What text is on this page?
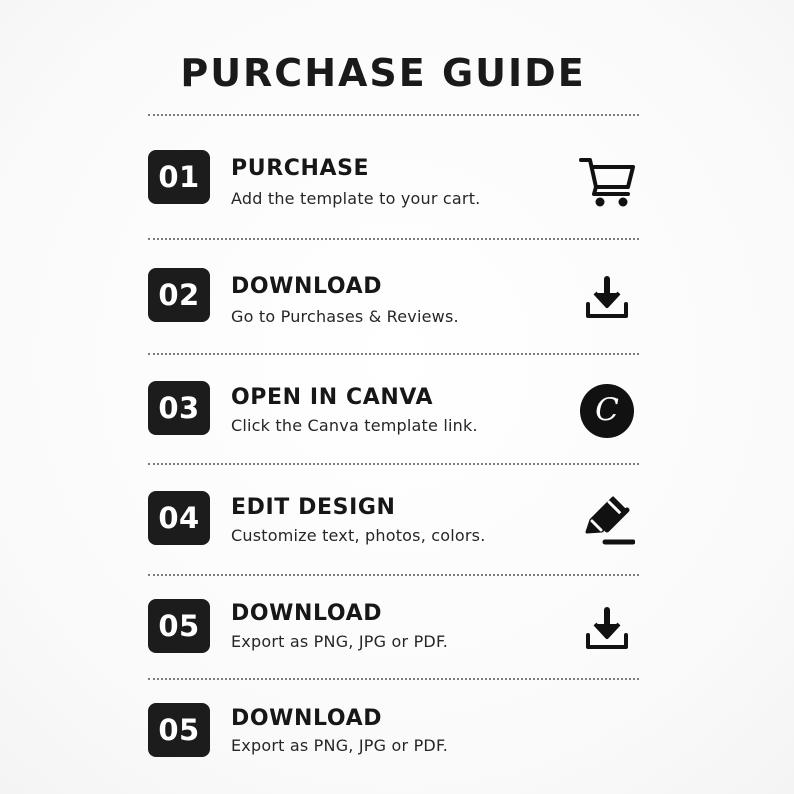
PURCHASE GUIDE
01	PURCHASE
Add the template to your cart.
02	DOWNLOAD
Go to Purchases & Reviews.
03	OPEN IN CANVA
Click the Canva template link.	C
04	EDIT DESIGN
Customize text, photos, colors.
05	DOWNLOAD
Export as PNG, JPG or PDF.
05	DOWNLOAD
Export as PNG, JPG or PDF.
